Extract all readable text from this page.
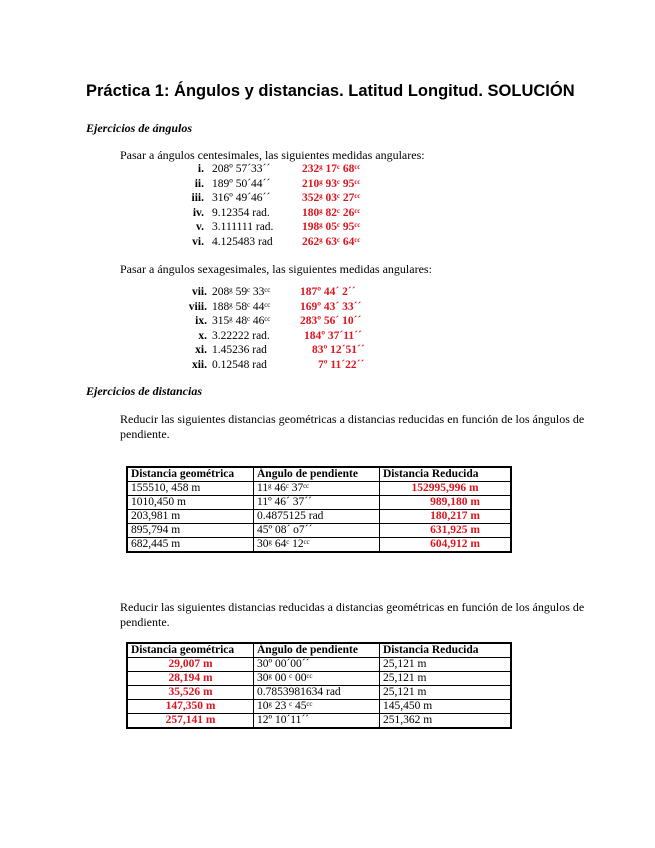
Práctica 1: Ángulos y distancias. Latitud Longitud. SOLUCIÓN
Ejercicios de ángulos
Pasar a ángulos centesimales, las siguientes medidas angulares:
i. 208º 57´33´´	232ᵍ 17ᶜ 68ᶜᶜ
ii. 189º 50´44´´	210ᵍ 93ᶜ 95ᶜᶜ
iii. 316º 49´46´´	352ᵍ 03ᶜ 27ᶜᶜ
iv. 9.12354 rad.	180ᵍ 82ᶜ 26ᶜᶜ
v. 3.111111 rad. 198ᵍ 05ᶜ 95ᶜᶜ
vi. 4.125483 rad	262ᵍ 63ᶜ 64ᶜᶜ
Pasar a ángulos sexagesimales, las siguientes medidas angulares:
vii. 208ᵍ 59ᶜ 33ᶜᶜ	187º 44´ 2´´
viii. 188ᵍ 58ᶜ 44ᶜᶜ	169º 43´ 33´´
ix. 315ᵍ 48ᶜ 46ᶜᶜ	283º 56´ 10´´
x. 3.22222 rad.	184º 37´11´´
xi. 1.45236 rad	83º 12´51´´
xii. 0.12548 rad	7º 11´22´´
Ejercicios de distancias
Reducir las siguientes distancias geométricas a distancias reducidas en función de los ángulos de pendiente.
Distancia geométrica	Ángulo de pendiente	Distancia Reducida
155510, 458 m	11ᵍ 46ᶜ 37ᶜᶜ	152995,996 m
1010,450 m	11º 46´ 37´´	989,180 m
203,981 m	0.4875125 rad	180,217 m
895,794 m	45º 08´ o7´´	631,925 m
682,445 m	30ᵍ 64ᶜ 12ᶜᶜ	604,912 m
Reducir las siguientes distancias reducidas a distancias geométricas en función de los ángulos de pendiente.
Distancia geométrica	Ángulo de pendiente	Distancia Reducida
29,007 m	30º 00´00´´	25,121 m
28,194 m	30ᵍ 00 ᶜ 00ᶜᶜ	25,121 m
35,526 m	0.7853981634 rad	25,121 m
147,350 m	10ᵍ 23 ᶜ 45ᶜᶜ	145,450 m
257,141 m	12º 10´11´´	251,362 m
